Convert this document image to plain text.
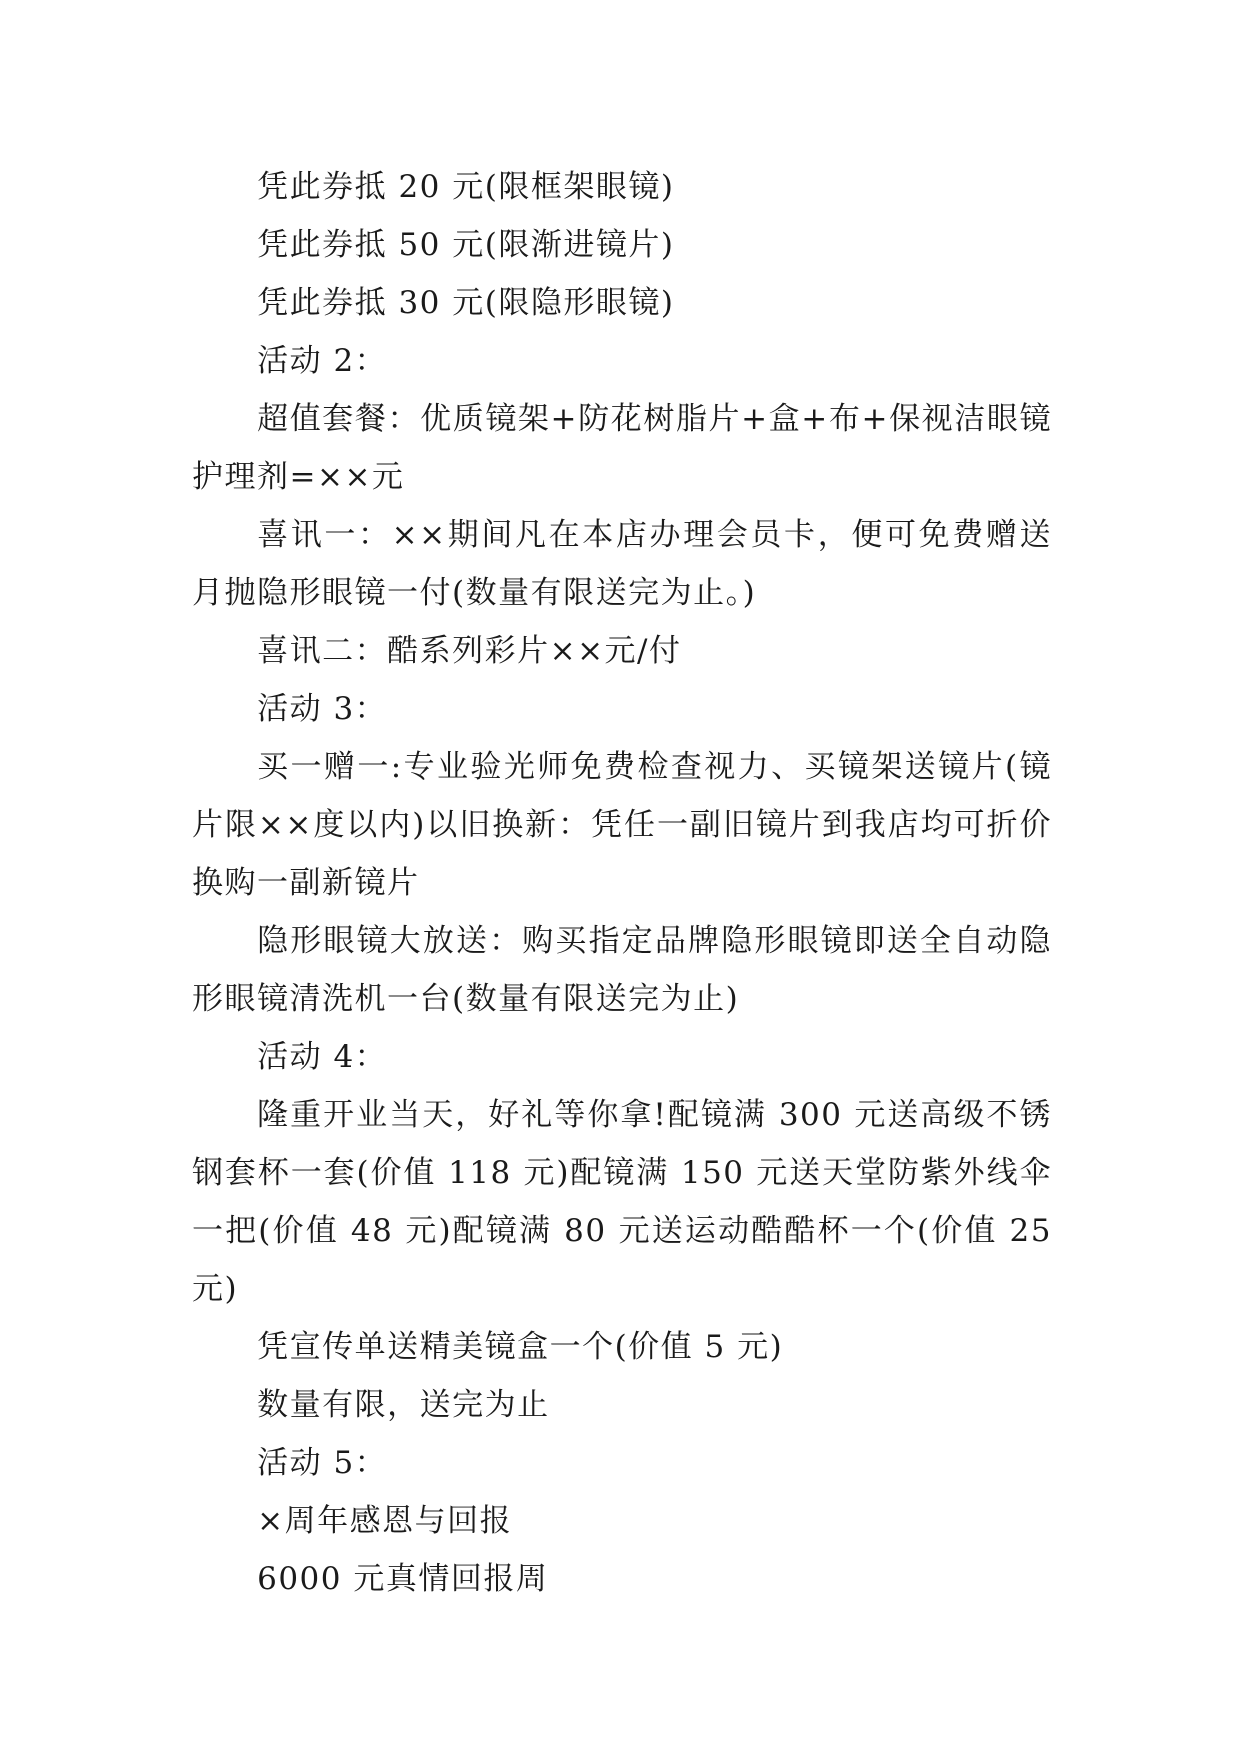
凭此券抵 20 元(限框架眼镜)

凭此券抵 50 元(限渐进镜片)

凭此券抵 30 元(限隐形眼镜)

活动 2：

超值套餐：优质镜架+防花树脂片+盒+布+保视洁眼镜护理剂=××元

喜讯一：××期间凡在本店办理会员卡，便可免费赠送月抛隐形眼镜一付(数量有限送完为止。)

喜讯二：酷系列彩片××元/付

活动 3：

买一赠一:专业验光师免费检查视力、买镜架送镜片(镜片限××度以内)以旧换新：凭任一副旧镜片到我店均可折价换购一副新镜片

隐形眼镜大放送：购买指定品牌隐形眼镜即送全自动隐形眼镜清洗机一台(数量有限送完为止)

活动 4：

隆重开业当天，好礼等你拿!配镜满 300 元送高级不锈钢套杯一套(价值 118 元)配镜满 150 元送天堂防紫外线伞一把(价值 48 元)配镜满 80 元送运动酷酷杯一个(价值 25 元)

凭宣传单送精美镜盒一个(价值 5 元)

数量有限，送完为止

活动 5：

×周年感恩与回报

6000 元真情回报周
